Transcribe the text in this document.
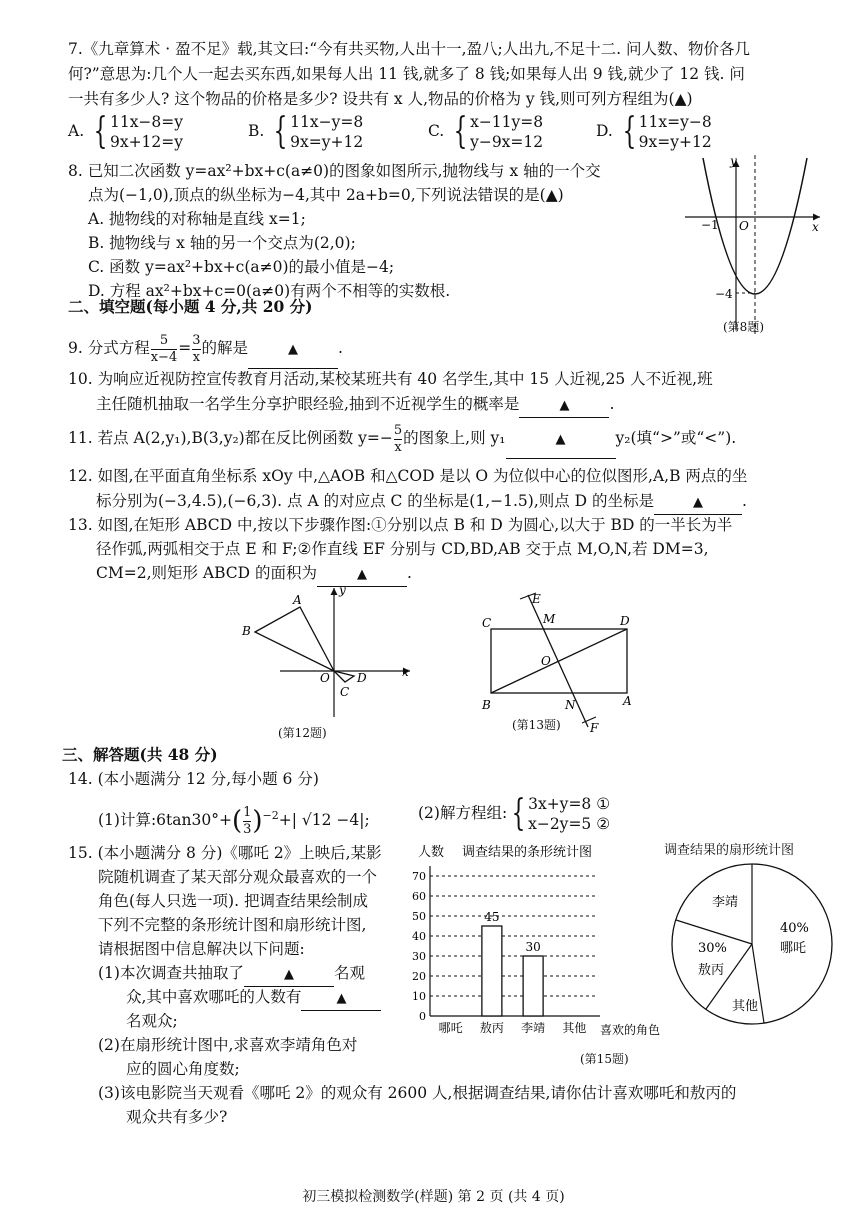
7.《九章算术 · 盈不足》载,其文曰:“今有共买物,人出十一,盈八;人出九,不足十二. 问人数、物价各几
何?”意思为:几个人一起去买东西,如果每人出 11 钱,就多了 8 钱;如果每人出 9 钱,就少了 12 钱. 问
一共有多少人? 这个物品的价格是多少? 设共有 x 人,物品的价格为 y 钱,则可列方程组为(▲)
A. { 11x−8=y
9x+12=y
B. { 11x−y=8
9x=y+12
C. { x−11y=8
y−9x=12
D. { 11x=y−8
9x=y+12
8. 已知二次函数 y=ax²+bx+c(a≠0)的图象如图所示,抛物线与 x 轴的一个交
点为(−1,0),顶点的纵坐标为−4,其中 2a+b=0,下列说法错误的是(▲)
A. 抛物线的对称轴是直线 x=1;
B. 抛物线与 x 轴的另一个交点为(2,0);
C. 函数 y=ax²+bx+c(a≠0)的最小值是−4;
D. 方程 ax²+bx+c=0(a≠0)有两个不相等的实数根.
y
x
−1 O
−4
(第8题)
二、填空题(每小题 4 分,共 20 分)
9. 分式方程 $\frac{5}{x-4} = \frac{3}{x}$ 的解是	▲	.
10. 为响应近视防控宣传教育月活动,某校某班共有 40 名学生,其中 15 人近视,25 人不近视,班
主任随机抽取一名学生分享护眼经验,抽到不近视学生的概率是	▲	.
11. 若点 A(2,y₁),B(3,y₂)都在反比例函数 $y=- \frac{5}{x}$ 的图象上,则 y₁	▲	y₂(填“>”或“<”).
12. 如图,在平面直角坐标系 xOy 中,△AOB 和△COD 是以 O 为位似中心的位似图形,A,B 两点的坐
标分别为(−3,4.5),(−6,3). 点 A 的对应点 C 的坐标是(1,−1.5),则点 D 的坐标是	▲	.
13. 如图,在矩形 ABCD 中,按以下步骤作图:①分别以点 B 和 D 为圆心,以大于 BD 的一半长为半
径作弧,两弧相交于点 E 和 F;②作直线 EF 分别与 CD,BD,AB 交于点 M,O,N,若 DM=3,
CM=2,则矩形 ABCD 的面积为	▲	.
A
B
C
D
O	x
y
(第12题)
E
F
C	D
B	A
M
O
N
(第13题)
三、解答题(共 48 分)
14. (本小题满分 12 分,每小题 6 分)
(1)计算:6tan30°+( $\frac{1}{3} )^{-2}+|$ √12 −4|;	(2)解方程组: { 3x+y=8 ①
x−2y=5 ②
15. (本小题满分 8 分)《哪吒 2》上映后,某影
院随机调查了某天部分观众最喜欢的一个
角色(每人只选一项). 把调查结果绘制成
下列不完整的条形统计图和扇形统计图,
请根据图中信息解决以下问题:
(1)本次调查共抽取了	▲	名观
众,其中喜欢哪吒的人数有	▲
名观众;
(2)在扇形统计图中,求喜欢李靖角色对
应的圆心角度数;
(3)该电影院当天观看《哪吒 2》的观众有 2600 人,根据调查结果,请你估计喜欢哪吒和敖丙的
观众共有多少?
人数 调查结果的条形统计图
0
10
20
30
40
50
60
70
哪吒 敖丙
45
李靖
30
其他 喜欢的角色
(第15题)
调查结果的扇形统计图
李靖
40%
哪吒
30%
敖丙
其他
初三模拟检测数学(样题) 第 2 页 (共 4 页)
